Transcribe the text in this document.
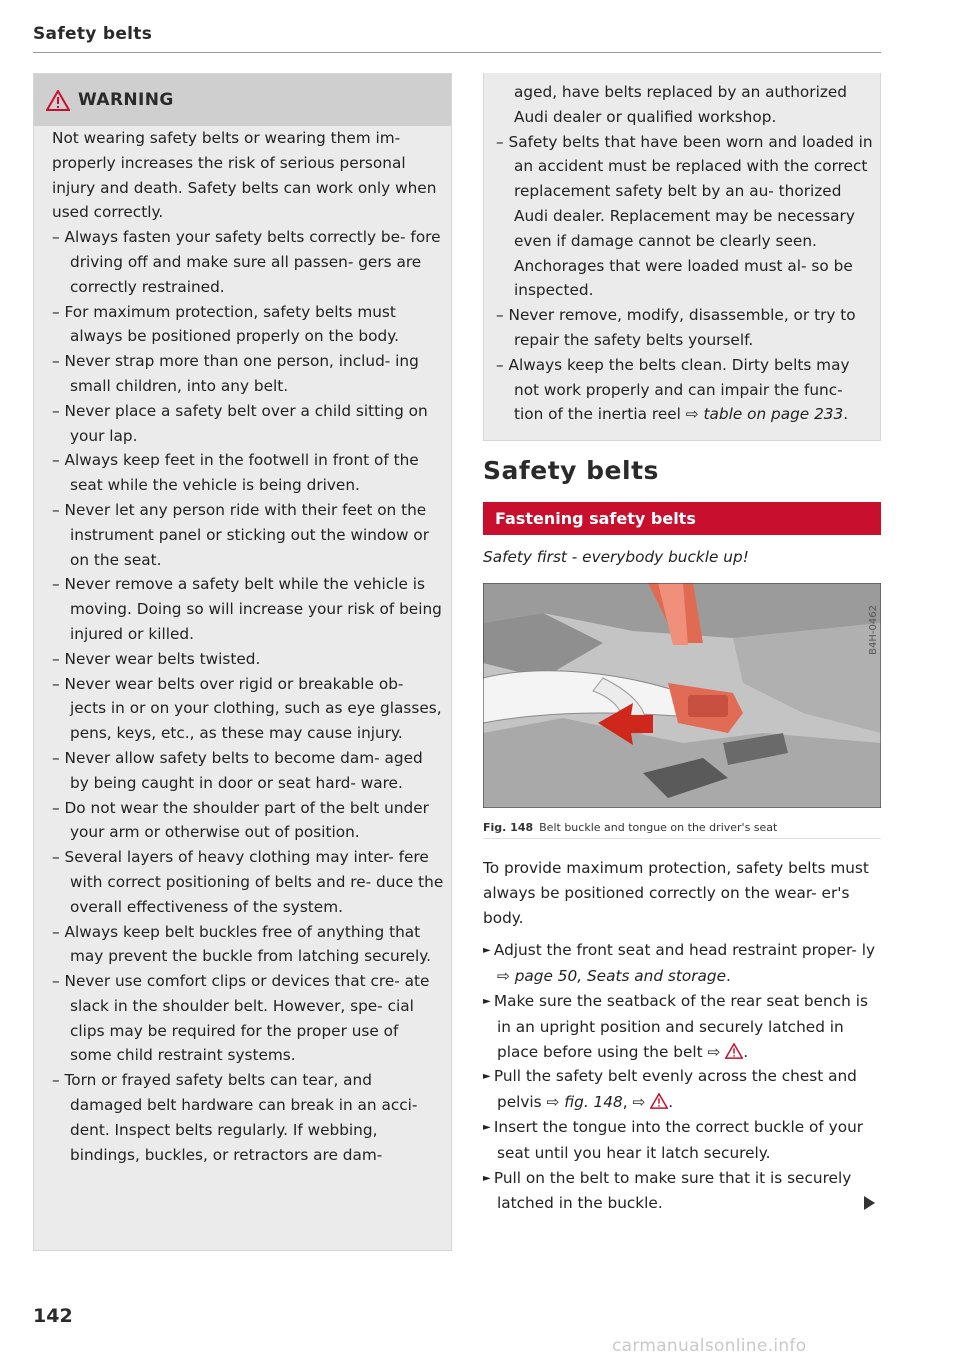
Safety belts
WARNING

Not wearing safety belts or wearing them im- properly increases the risk of serious personal injury and death. Safety belts can work only when used correctly.

– Always fasten your safety belts correctly be- fore driving off and make sure all passen- gers are correctly restrained.
– For maximum protection, safety belts must always be positioned properly on the body.
– Never strap more than one person, includ- ing small children, into any belt.
– Never place a safety belt over a child sitting on your lap.
– Always keep feet in the footwell in front of the seat while the vehicle is being driven.
– Never let any person ride with their feet on the instrument panel or sticking out the window or on the seat.
– Never remove a safety belt while the vehicle is moving. Doing so will increase your risk of being injured or killed.
– Never wear belts twisted.
– Never wear belts over rigid or breakable ob- jects in or on your clothing, such as eye glasses, pens, keys, etc., as these may cause injury.
– Never allow safety belts to become dam- aged by being caught in door or seat hard- ware.
– Do not wear the shoulder part of the belt under your arm or otherwise out of position.
– Several layers of heavy clothing may inter- fere with correct positioning of belts and re- duce the overall effectiveness of the system.
– Always keep belt buckles free of anything that may prevent the buckle from latching securely.
– Never use comfort clips or devices that cre- ate slack in the shoulder belt. However, spe- cial clips may be required for the proper use of some child restraint systems.
– Torn or frayed safety belts can tear, and damaged belt hardware can break in an acci- dent. Inspect belts regularly. If webbing, bindings, buckles, or retractors are dam-

aged, have belts replaced by an authorized Audi dealer or qualified workshop.

– Safety belts that have been worn and loaded in an accident must be replaced with the correct replacement safety belt by an au- thorized Audi dealer. Replacement may be necessary even if damage cannot be clearly seen. Anchorages that were loaded must al- so be inspected.
– Never remove, modify, disassemble, or try to repair the safety belts yourself.
– Always keep the belts clean. Dirty belts may not work properly and can impair the func- tion of the inertia reel ⇨ table on page 233.
Safety belts
Fastening safety belts
Safety first - everybody buckle up!
B4H-0462
Fig. 148 Belt buckle and tongue on the driver's seat

To provide maximum protection, safety belts must always be positioned correctly on the wear- er's body.

► Adjust the front seat and head restraint proper- ly ⇨ page 50, Seats and storage.
► Make sure the seatback of the rear seat bench is in an upright position and securely latched in place before using the belt ⇨ .
► Pull the safety belt evenly across the chest and pelvis ⇨ fig. 148, ⇨ .
► Insert the tongue into the correct buckle of your seat until you hear it latch securely.
► Pull on the belt to make sure that it is securely latched in the buckle.
142
carmanualsonline.info
